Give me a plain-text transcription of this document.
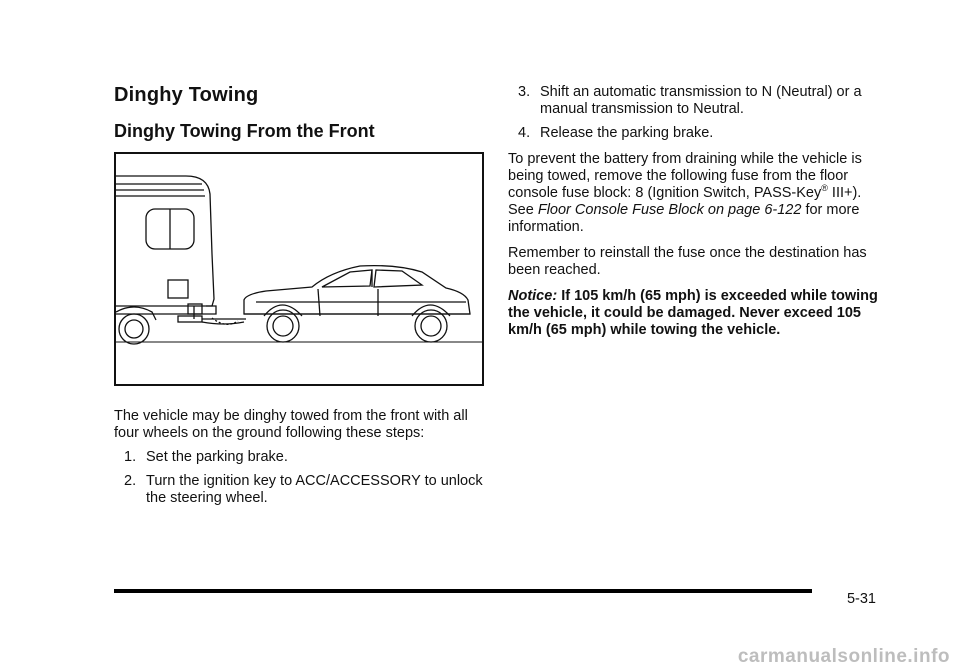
Dinghy Towing
Dinghy Towing From the Front

The vehicle may be dinghy towed from the front with all four wheels on the ground following these steps:

1. Set the parking brake.
2. Turn the ignition key to ACC/ACCESSORY to unlock the steering wheel.
3. Shift an automatic transmission to N (Neutral) or a manual transmission to Neutral.
4. Release the parking brake.

To prevent the battery from draining while the vehicle is being towed, remove the following fuse from the floor console fuse block: 8 (Ignition Switch, PASS-Key® III+). See Floor Console Fuse Block on page 6-122 for more information.

Remember to reinstall the fuse once the destination has been reached.

Notice: If 105 km/h (65 mph) is exceeded while towing the vehicle, it could be damaged. Never exceed 105 km/h (65 mph) while towing the vehicle.

5-31
carmanualsonline.info
